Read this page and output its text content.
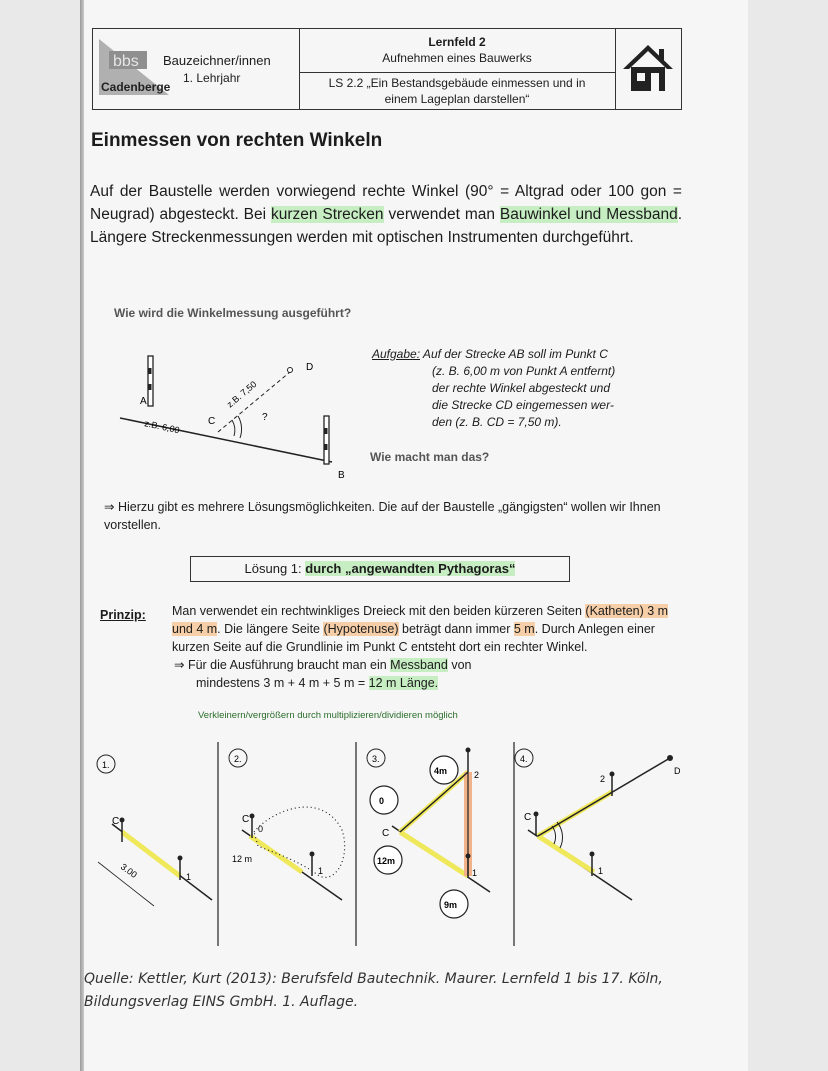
bbs
Cadenberge
Bauzeichner/innen
1. Lehrjahr
Lernfeld 2
Aufnehmen eines Bauwerks
LS 2.2 „Ein Bestandsgebäude einmessen und in
einem Lageplan darstellen“
Einmessen von rechten Winkeln
Auf der Baustelle werden vorwiegend rechte Winkel (90° = Altgrad oder 100 gon = Neugrad) abgesteckt. Bei kurzen Strecken verwendet man Bauwinkel und Messband. Längere Streckenmessungen werden mit optischen Instrumenten durchgeführt.
Wie wird die Winkelmessung ausgeführt?
A
B
C
D
?
z.B. 6,00
z.B. 7,50
Aufgabe: Auf der Strecke AB soll im Punkt C
(z. B. 6,00 m von Punkt A entfernt)
der rechte Winkel abgesteckt und
die Strecke CD eingemessen wer-
den (z. B. CD = 7,50 m).
Wie macht man das?
⇒ Hierzu gibt es mehrere Lösungsmöglichkeiten. Die auf der Baustelle „gängigsten“ wollen wir Ihnen vorstellen.
Lösung 1: durch „angewandten Pythagoras“
Prinzip: Man verwendet ein rechtwinkliges Dreieck mit den beiden kürzeren Seiten (Katheten) 3 m und 4 m. Die längere Seite (Hypotenuse) beträgt dann immer 5 m. Durch Anlegen einer kurzen Seite auf die Grundlinie im Punkt C entsteht dort ein rechter Winkel.
⇒ Für die Ausführung braucht man ein Messband von
mindestens 3 m + 4 m + 5 m = 12 m Länge.
Verkleinern/vergrößern durch multiplizieren/dividieren möglich
1.
C
1
3.00
2.
C
0
12 m
1
3.
C
2
1
4m
0
12m
9m
4.
C
2
1
D
Quelle: Kettler, Kurt (2013): Berufsfeld Bautechnik. Maurer. Lernfeld 1 bis 17. Köln,
Bildungsverlag EINS GmbH. 1. Auflage.
